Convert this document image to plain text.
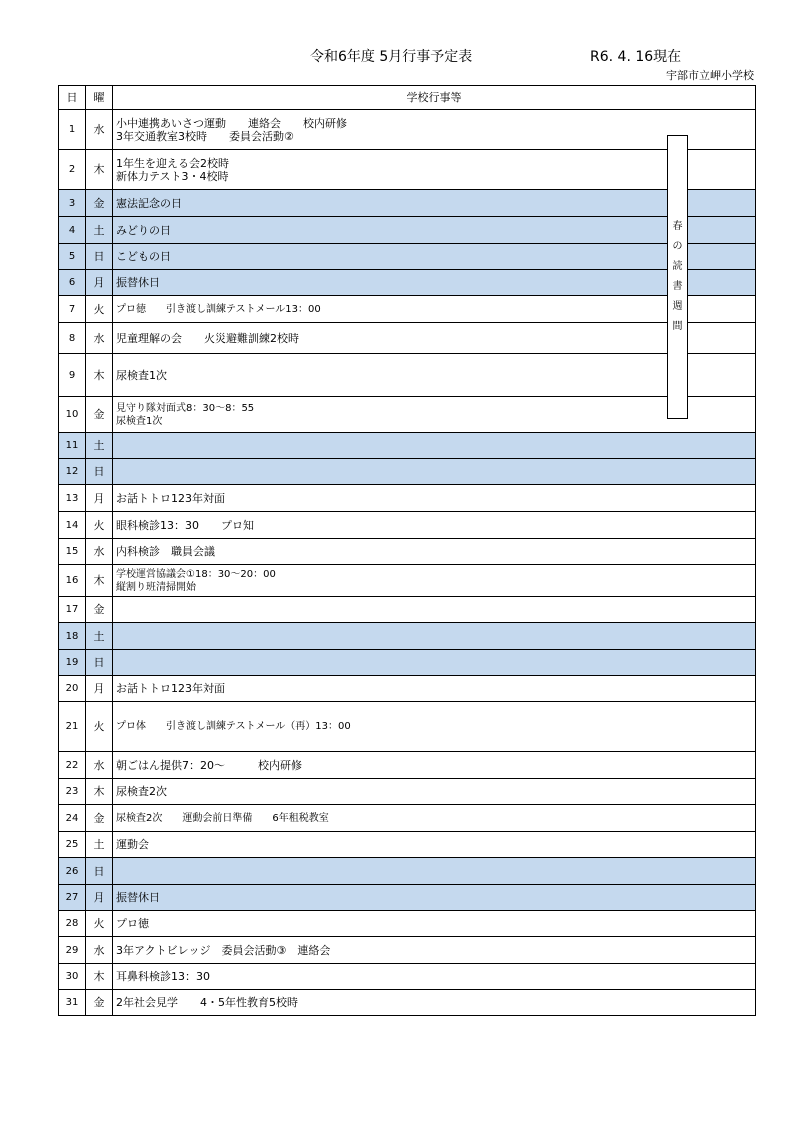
令和6年度 5月行事予定表	R6. 4. 16現在
宇部市立岬小学校
日	曜	学校行事等
1	水	小中連携あいさつ運動　　連絡会　　校内研修
3年交通教室3校時　　委員会活動②

2	木	1年生を迎える会2校時
新体力テスト3・4校時

3	金	憲法記念の日

4	土	みどりの日

5	日	こどもの日

6	月	振替休日

7	火	プロ徳　　引き渡し訓練テストメール13：00

8	水	児童理解の会　　火災避難訓練2校時

9	木	尿検査1次

10	金	見守り隊対面式8：30～8：55
尿検査1次

11	土	
12	日	
13	月	お話トトロ123年対面

14	火	眼科検診13：30　　プロ知

15	水	内科検診　職員会議

16	木	学校運営協議会①18：30～20：00
縦割り班清掃開始

17	金	
18	土	
19	日	
20	月	お話トトロ123年対面

21	火	プロ体　　引き渡し訓練テストメール（再）13：00

22	水	朝ごはん提供7：20～　　　校内研修

23	木	尿検査2次

24	金	尿検査2次　　運動会前日準備　　6年租税教室

25	土	運動会

26	日	
27	月	振替休日

28	火	プロ徳

29	水	3年アクトビレッジ　委員会活動③　連絡会

30	木	耳鼻科検診13：30

31	金	2年社会見学　　4・5年性教育5校時
春
の
読
書
週
間
